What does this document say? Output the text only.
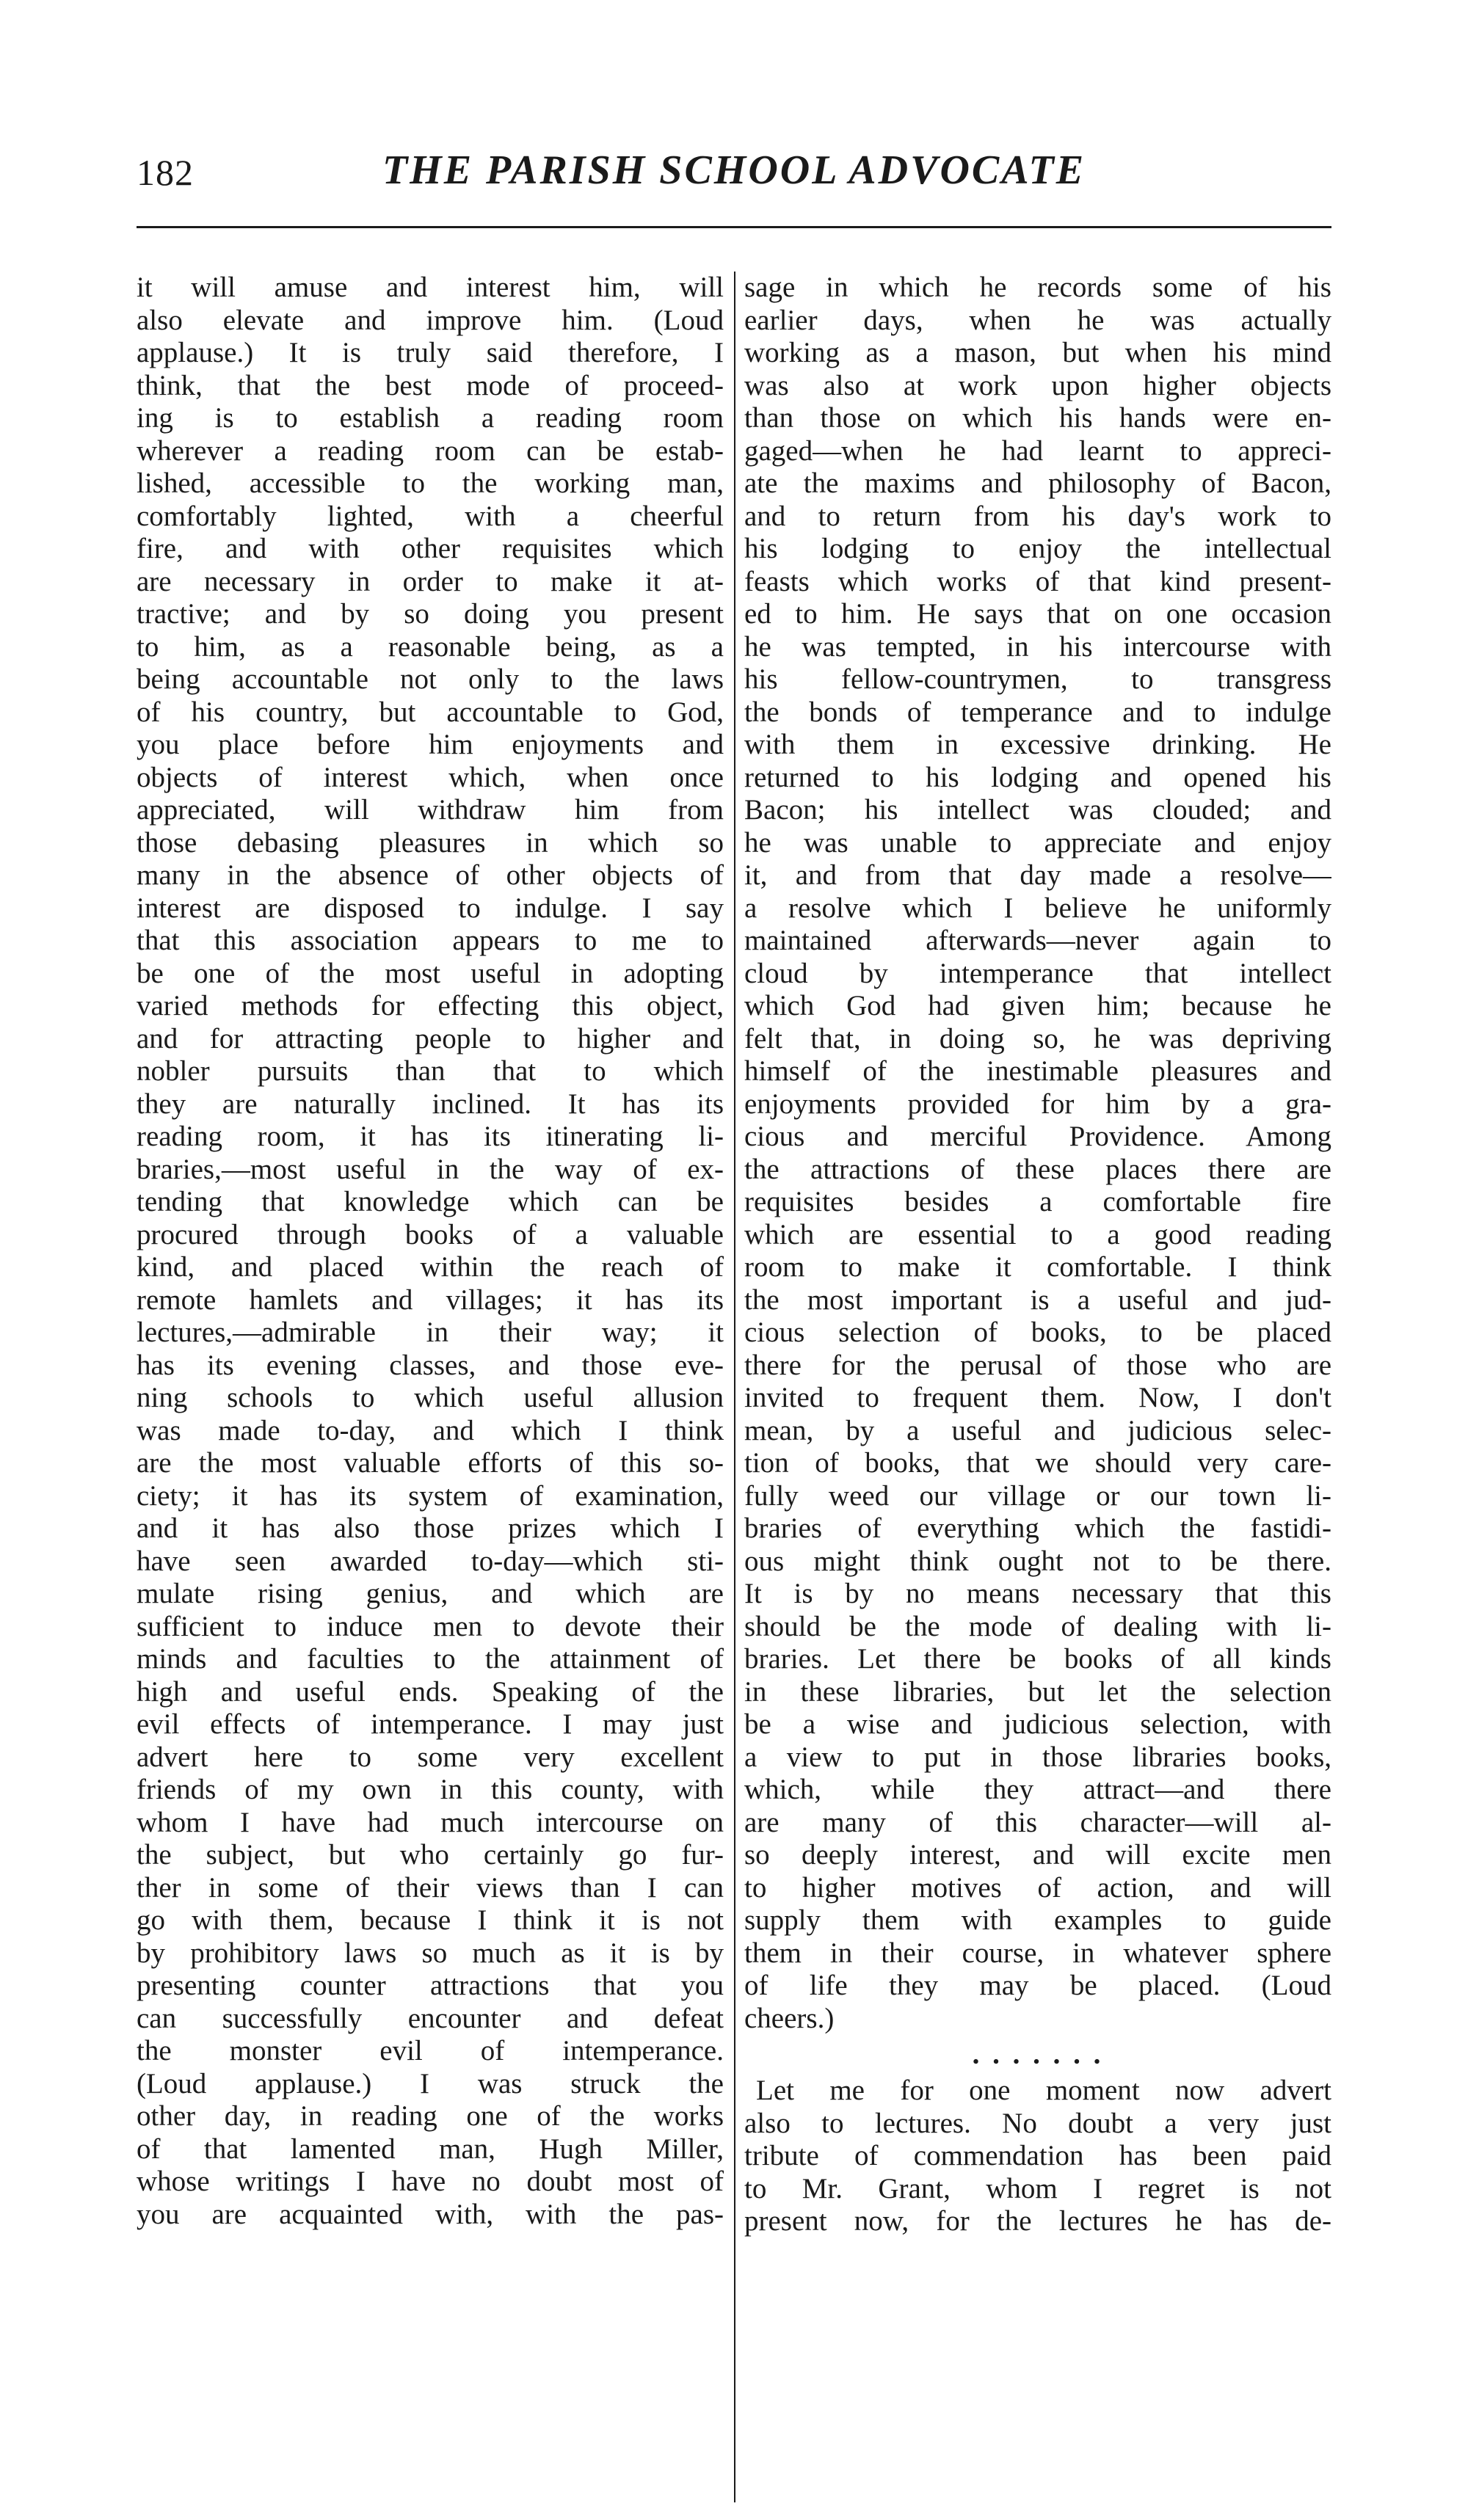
182	THE PARISH SCHOOL ADVOCATE
it will amuse and interest him, will
also elevate and improve him. (Loud
applause.) It is truly said therefore, I
think, that the best mode of proceed-
ing is to establish a reading room
wherever a reading room can be estab-
lished, accessible to the working man,
comfortably lighted, with a cheerful
fire, and with other requisites which
are necessary in order to make it at-
tractive; and by so doing you present
to him, as a reasonable being, as a
being accountable not only to the laws
of his country, but accountable to God,
you place before him enjoyments and
objects of interest which, when once
appreciated, will withdraw him from
those debasing pleasures in which so
many in the absence of other objects of
interest are disposed to indulge. I say
that this association appears to me to
be one of the most useful in adopting
varied methods for effecting this object,
and for attracting people to higher and
nobler pursuits than that to which
they are naturally inclined. It has its
reading room, it has its itinerating li-
braries,—most useful in the way of ex-
tending that knowledge which can be
procured through books of a valuable
kind, and placed within the reach of
remote hamlets and villages; it has its
lectures,—admirable in their way; it
has its evening classes, and those eve-
ning schools to which useful allusion
was made to-day, and which I think
are the most valuable efforts of this so-
ciety; it has its system of examination,
and it has also those prizes which I
have seen awarded to-day—which sti-
mulate rising genius, and which are
sufficient to induce men to devote their
minds and faculties to the attainment of
high and useful ends. Speaking of the
evil effects of intemperance. I may just
advert here to some very excellent
friends of my own in this county, with
whom I have had much intercourse on
the subject, but who certainly go fur-
ther in some of their views than I can
go with them, because I think it is not
by prohibitory laws so much as it is by
presenting counter attractions that you
can successfully encounter and defeat
the monster evil of intemperance.
(Loud applause.) I was struck the
other day, in reading one of the works
of that lamented man, Hugh Miller,
whose writings I have no doubt most of
you are acquainted with, with the pas-
sage in which he records some of his
earlier days, when he was actually
working as a mason, but when his mind
was also at work upon higher objects
than those on which his hands were en-
gaged—when he had learnt to appreci-
ate the maxims and philosophy of Bacon,
and to return from his day's work to
his lodging to enjoy the intellectual
feasts which works of that kind present-
ed to him. He says that on one occasion
he was tempted, in his intercourse with
his fellow-countrymen, to transgress
the bonds of temperance and to indulge
with them in excessive drinking. He
returned to his lodging and opened his
Bacon; his intellect was clouded; and
he was unable to appreciate and enjoy
it, and from that day made a resolve—
a resolve which I believe he uniformly
maintained afterwards—never again to
cloud by intemperance that intellect
which God had given him; because he
felt that, in doing so, he was depriving
himself of the inestimable pleasures and
enjoyments provided for him by a gra-
cious and merciful Providence. Among
the attractions of these places there are
requisites besides a comfortable fire
which are essential to a good reading
room to make it comfortable. I think
the most important is a useful and jud-
cious selection of books, to be placed
there for the perusal of those who are
invited to frequent them. Now, I don't
mean, by a useful and judicious selec-
tion of books, that we should very care-
fully weed our village or our town li-
braries of everything which the fastidi-
ous might think ought not to be there.
It is by no means necessary that this
should be the mode of dealing with li-
braries. Let there be books of all kinds
in these libraries, but let the selection
be a wise and judicious selection, with
a view to put in those libraries books,
which, while they attract—and there
are many of this character—will al-
so deeply interest, and will excite men
to higher motives of action, and will
supply them with examples to guide
them in their course, in whatever sphere
of life they may be placed. (Loud
cheers.)
. . . . . . .
Let me for one moment now advert
also to lectures. No doubt a very just
tribute of commendation has been paid
to Mr. Grant, whom I regret is not
present now, for the lectures he has de-
